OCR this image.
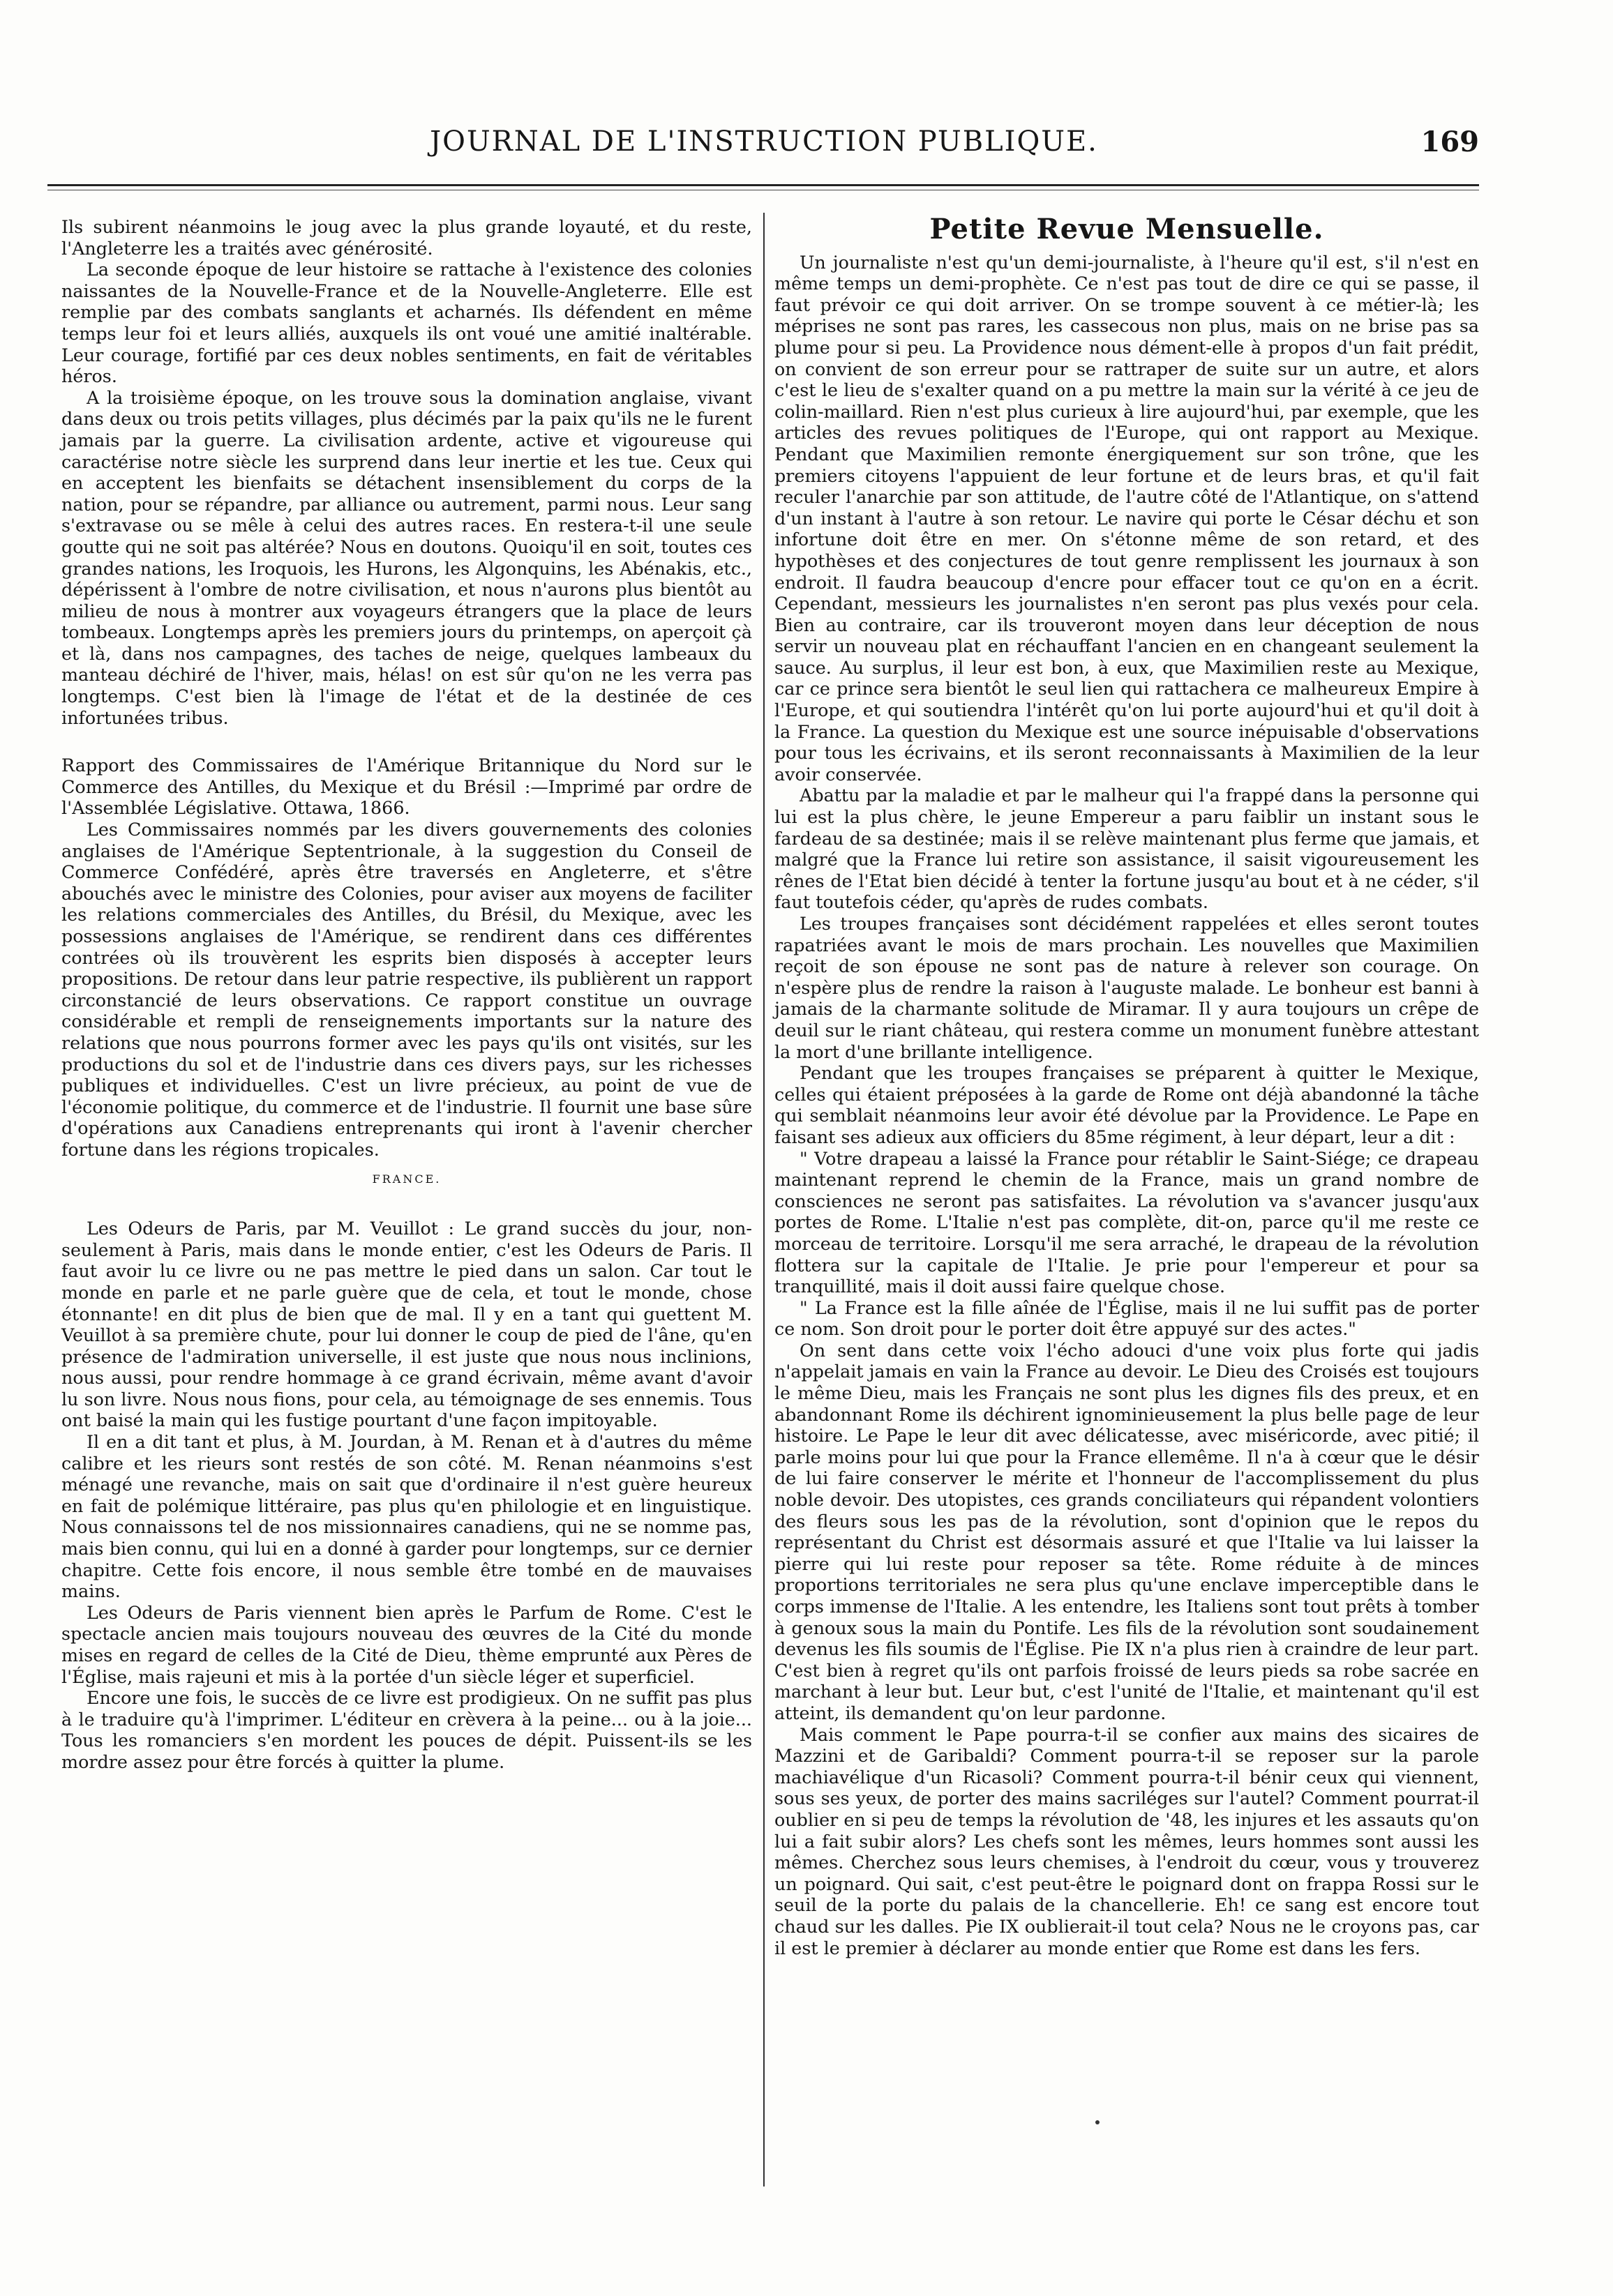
JOURNAL DE L'INSTRUCTION PUBLIQUE.	169

Ils subirent néanmoins le joug avec la plus grande loyauté, et du reste, l'Angleterre les a traités avec générosité.

La seconde époque de leur histoire se rattache à l'existence des colonies naissantes de la Nouvelle-France et de la Nouvelle-Angleterre. Elle est remplie par des combats sanglants et acharnés. Ils défendent en même temps leur foi et leurs alliés, auxquels ils ont voué une amitié inaltérable. Leur courage, fortifié par ces deux nobles sentiments, en fait de véritables héros.

A la troisième époque, on les trouve sous la domination anglaise, vivant dans deux ou trois petits villages, plus décimés par la paix qu'ils ne le furent jamais par la guerre. La civilisation ardente, active et vigoureuse qui caractérise notre siècle les surprend dans leur inertie et les tue. Ceux qui en acceptent les bienfaits se détachent insensiblement du corps de la nation, pour se répandre, par alliance ou autrement, parmi nous. Leur sang s'extravase ou se mêle à celui des autres races. En restera-t-il une seule goutte qui ne soit pas altérée? Nous en doutons. Quoiqu'il en soit, toutes ces grandes nations, les Iroquois, les Hurons, les Algonquins, les Abénakis, etc., dépérissent à l'ombre de notre civilisation, et nous n'aurons plus bientôt au milieu de nous à montrer aux voyageurs étrangers que la place de leurs tombeaux. Longtemps après les premiers jours du printemps, on aperçoit çà et là, dans nos campagnes, des taches de neige, quelques lambeaux du manteau déchiré de l'hiver, mais, hélas! on est sûr qu'on ne les verra pas longtemps. C'est bien là l'image de l'état et de la destinée de ces infortunées tribus.

Rapport des Commissaires de l'Amérique Britannique du Nord sur le Commerce des Antilles, du Mexique et du Brésil :—Imprimé par ordre de l'Assemblée Législative. Ottawa, 1866.

Les Commissaires nommés par les divers gouvernements des colonies anglaises de l'Amérique Septentrionale, à la suggestion du Conseil de Commerce Confédéré, après être traversés en Angleterre, et s'être abouchés avec le ministre des Colonies, pour aviser aux moyens de faciliter les relations commerciales des Antilles, du Brésil, du Mexique, avec les possessions anglaises de l'Amérique, se rendirent dans ces différentes contrées où ils trouvèrent les esprits bien disposés à accepter leurs propositions. De retour dans leur patrie respective, ils publièrent un rapport circonstancié de leurs observations. Ce rapport constitue un ouvrage considérable et rempli de renseignements importants sur la nature des relations que nous pourrons former avec les pays qu'ils ont visités, sur les productions du sol et de l'industrie dans ces divers pays, sur les richesses publiques et individuelles. C'est un livre précieux, au point de vue de l'économie politique, du commerce et de l'industrie. Il fournit une base sûre d'opérations aux Canadiens entreprenants qui iront à l'avenir chercher fortune dans les régions tropicales.

FRANCE.

Les Odeurs de Paris, par M. Veuillot : Le grand succès du jour, non-seulement à Paris, mais dans le monde entier, c'est les Odeurs de Paris. Il faut avoir lu ce livre ou ne pas mettre le pied dans un salon. Car tout le monde en parle et ne parle guère que de cela, et tout le monde, chose étonnante! en dit plus de bien que de mal. Il y en a tant qui guettent M. Veuillot à sa première chute, pour lui donner le coup de pied de l'âne, qu'en présence de l'admiration universelle, il est juste que nous nous inclinions, nous aussi, pour rendre hommage à ce grand écrivain, même avant d'avoir lu son livre. Nous nous fions, pour cela, au témoignage de ses ennemis. Tous ont baisé la main qui les fustige pourtant d'une façon impitoyable.

Il en a dit tant et plus, à M. Jourdan, à M. Renan et à d'autres du même calibre et les rieurs sont restés de son côté. M. Renan néanmoins s'est ménagé une revanche, mais on sait que d'ordinaire il n'est guère heureux en fait de polémique littéraire, pas plus qu'en philologie et en linguistique. Nous connaissons tel de nos missionnaires canadiens, qui ne se nomme pas, mais bien connu, qui lui en a donné à garder pour longtemps, sur ce dernier chapitre. Cette fois encore, il nous semble être tombé en de mauvaises mains.

Les Odeurs de Paris viennent bien après le Parfum de Rome. C'est le spectacle ancien mais toujours nouveau des œuvres de la Cité du monde mises en regard de celles de la Cité de Dieu, thème emprunté aux Pères de l'Église, mais rajeuni et mis à la portée d'un siècle léger et superficiel.

Encore une fois, le succès de ce livre est prodigieux. On ne suffit pas plus à le traduire qu'à l'imprimer. L'éditeur en crèvera à la peine... ou à la joie... Tous les romanciers s'en mordent les pouces de dépit. Puissent-ils se les mordre assez pour être forcés à quitter la plume.

Petite Revue Mensuelle.

Un journaliste n'est qu'un demi-journaliste, à l'heure qu'il est, s'il n'est en même temps un demi-prophète. Ce n'est pas tout de dire ce qui se passe, il faut prévoir ce qui doit arriver. On se trompe souvent à ce métier-là; les méprises ne sont pas rares, les cassecous non plus, mais on ne brise pas sa plume pour si peu. La Providence nous dément-elle à propos d'un fait prédit, on convient de son erreur pour se rattraper de suite sur un autre, et alors c'est le lieu de s'exalter quand on a pu mettre la main sur la vérité à ce jeu de colin-maillard. Rien n'est plus curieux à lire aujourd'hui, par exemple, que les articles des revues politiques de l'Europe, qui ont rapport au Mexique. Pendant que Maximilien remonte énergiquement sur son trône, que les premiers citoyens l'appuient de leur fortune et de leurs bras, et qu'il fait reculer l'anarchie par son attitude, de l'autre côté de l'Atlantique, on s'attend d'un instant à l'autre à son retour. Le navire qui porte le César déchu et son infortune doit être en mer. On s'étonne même de son retard, et des hypothèses et des conjectures de tout genre remplissent les journaux à son endroit. Il faudra beaucoup d'encre pour effacer tout ce qu'on en a écrit. Cependant, messieurs les journalistes n'en seront pas plus vexés pour cela. Bien au contraire, car ils trouveront moyen dans leur déception de nous servir un nouveau plat en réchauffant l'ancien en en changeant seulement la sauce. Au surplus, il leur est bon, à eux, que Maximilien reste au Mexique, car ce prince sera bientôt le seul lien qui rattachera ce malheureux Empire à l'Europe, et qui soutiendra l'intérêt qu'on lui porte aujourd'hui et qu'il doit à la France. La question du Mexique est une source inépuisable d'observations pour tous les écrivains, et ils seront reconnaissants à Maximilien de la leur avoir conservée.

Abattu par la maladie et par le malheur qui l'a frappé dans la personne qui lui est la plus chère, le jeune Empereur a paru faiblir un instant sous le fardeau de sa destinée; mais il se relève maintenant plus ferme que jamais, et malgré que la France lui retire son assistance, il saisit vigoureusement les rênes de l'Etat bien décidé à tenter la fortune jusqu'au bout et à ne céder, s'il faut toutefois céder, qu'après de rudes combats.

Les troupes françaises sont décidément rappelées et elles seront toutes rapatriées avant le mois de mars prochain. Les nouvelles que Maximilien reçoit de son épouse ne sont pas de nature à relever son courage. On n'espère plus de rendre la raison à l'auguste malade. Le bonheur est banni à jamais de la charmante solitude de Miramar. Il y aura toujours un crêpe de deuil sur le riant château, qui restera comme un monument funèbre attestant la mort d'une brillante intelligence.

Pendant que les troupes françaises se préparent à quitter le Mexique, celles qui étaient préposées à la garde de Rome ont déjà abandonné la tâche qui semblait néanmoins leur avoir été dévolue par la Providence. Le Pape en faisant ses adieux aux officiers du 85me régiment, à leur départ, leur a dit :

" Votre drapeau a laissé la France pour rétablir le Saint-Siége; ce drapeau maintenant reprend le chemin de la France, mais un grand nombre de consciences ne seront pas satisfaites. La révolution va s'avancer jusqu'aux portes de Rome. L'Italie n'est pas complète, dit-on, parce qu'il me reste ce morceau de territoire. Lorsqu'il me sera arraché, le drapeau de la révolution flottera sur la capitale de l'Italie. Je prie pour l'empereur et pour sa tranquillité, mais il doit aussi faire quelque chose.

" La France est la fille aînée de l'Église, mais il ne lui suffit pas de porter ce nom. Son droit pour le porter doit être appuyé sur des actes."

On sent dans cette voix l'écho adouci d'une voix plus forte qui jadis n'appelait jamais en vain la France au devoir. Le Dieu des Croisés est toujours le même Dieu, mais les Français ne sont plus les dignes fils des preux, et en abandonnant Rome ils déchirent ignominieusement la plus belle page de leur histoire. Le Pape le leur dit avec délicatesse, avec miséricorde, avec pitié; il parle moins pour lui que pour la France ellemême. Il n'a à cœur que le désir de lui faire conserver le mérite et l'honneur de l'accomplissement du plus noble devoir. Des utopistes, ces grands conciliateurs qui répandent volontiers des fleurs sous les pas de la révolution, sont d'opinion que le repos du représentant du Christ est désormais assuré et que l'Italie va lui laisser la pierre qui lui reste pour reposer sa tête. Rome réduite à de minces proportions territoriales ne sera plus qu'une enclave imperceptible dans le corps immense de l'Italie. A les entendre, les Italiens sont tout prêts à tomber à genoux sous la main du Pontife. Les fils de la révolution sont soudainement devenus les fils soumis de l'Église. Pie IX n'a plus rien à craindre de leur part. C'est bien à regret qu'ils ont parfois froissé de leurs pieds sa robe sacrée en marchant à leur but. Leur but, c'est l'unité de l'Italie, et maintenant qu'il est atteint, ils demandent qu'on leur pardonne.

Mais comment le Pape pourra-t-il se confier aux mains des sicaires de Mazzini et de Garibaldi? Comment pourra-t-il se reposer sur la parole machiavélique d'un Ricasoli? Comment pourra-t-il bénir ceux qui viennent, sous ses yeux, de porter des mains sacriléges sur l'autel? Comment pourrat-il oublier en si peu de temps la révolution de '48, les injures et les assauts qu'on lui a fait subir alors? Les chefs sont les mêmes, leurs hommes sont aussi les mêmes. Cherchez sous leurs chemises, à l'endroit du cœur, vous y trouverez un poignard. Qui sait, c'est peut-être le poignard dont on frappa Rossi sur le seuil de la porte du palais de la chancellerie. Eh! ce sang est encore tout chaud sur les dalles. Pie IX oublierait-il tout cela? Nous ne le croyons pas, car il est le premier à déclarer au monde entier que Rome est dans les fers.
